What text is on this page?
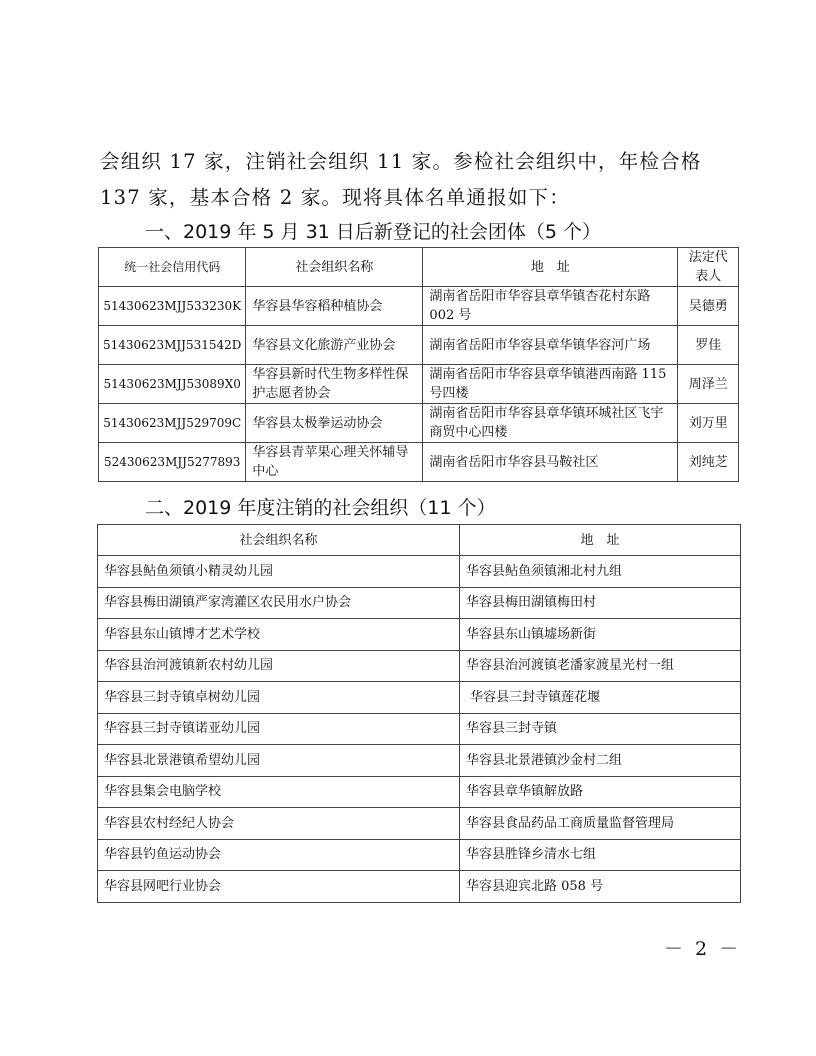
会组织 17 家，注销社会组织 11 家。参检社会组织中，年检合格
137 家，基本合格 2 家。现将具体名单通报如下：
一、2019 年 5 月 31 日后新登记的社会团体（5 个）
统一社会信用代码	社会组织名称	地　址	法定代表人
51430623MJJ533230K	华容县华容稻种植协会	湖南省岳阳市华容县章华镇杏花村东路 002 号	吴德勇
51430623MJJ531542D	华容县文化旅游产业协会	湖南省岳阳市华容县章华镇华容河广场	罗佳
51430623MJJ53089X0	华容县新时代生物多样性保护志愿者协会	湖南省岳阳市华容县章华镇港西南路 115 号四楼	周泽兰
51430623MJJ529709C	华容县太极拳运动协会	湖南省岳阳市华容县章华镇环城社区飞宇商贸中心四楼	刘万里
52430623MJJ5277893	华容县青苹果心理关怀辅导中心	湖南省岳阳市华容县马鞍社区	刘纯芝
二、2019 年度注销的社会组织（11 个）
社会组织名称	地　址
华容县鲇鱼须镇小精灵幼儿园	华容县鲇鱼须镇湘北村九组
华容县梅田湖镇严家湾灌区农民用水户协会	华容县梅田湖镇梅田村
华容县东山镇博才艺术学校	华容县东山镇墟场新街
华容县治河渡镇新农村幼儿园	华容县治河渡镇老潘家渡星光村一组
华容县三封寺镇卓树幼儿园	华容县三封寺镇莲花堰
华容县三封寺镇诺亚幼儿园	华容县三封寺镇
华容县北景港镇希望幼儿园	华容县北景港镇沙金村二组
华容县集会电脑学校	华容县章华镇解放路
华容县农村经纪人协会	华容县食品药品工商质量监督管理局
华容县钓鱼运动协会	华容县胜锋乡清水七组
华容县网吧行业协会	华容县迎宾北路 058 号
－ 2 －
